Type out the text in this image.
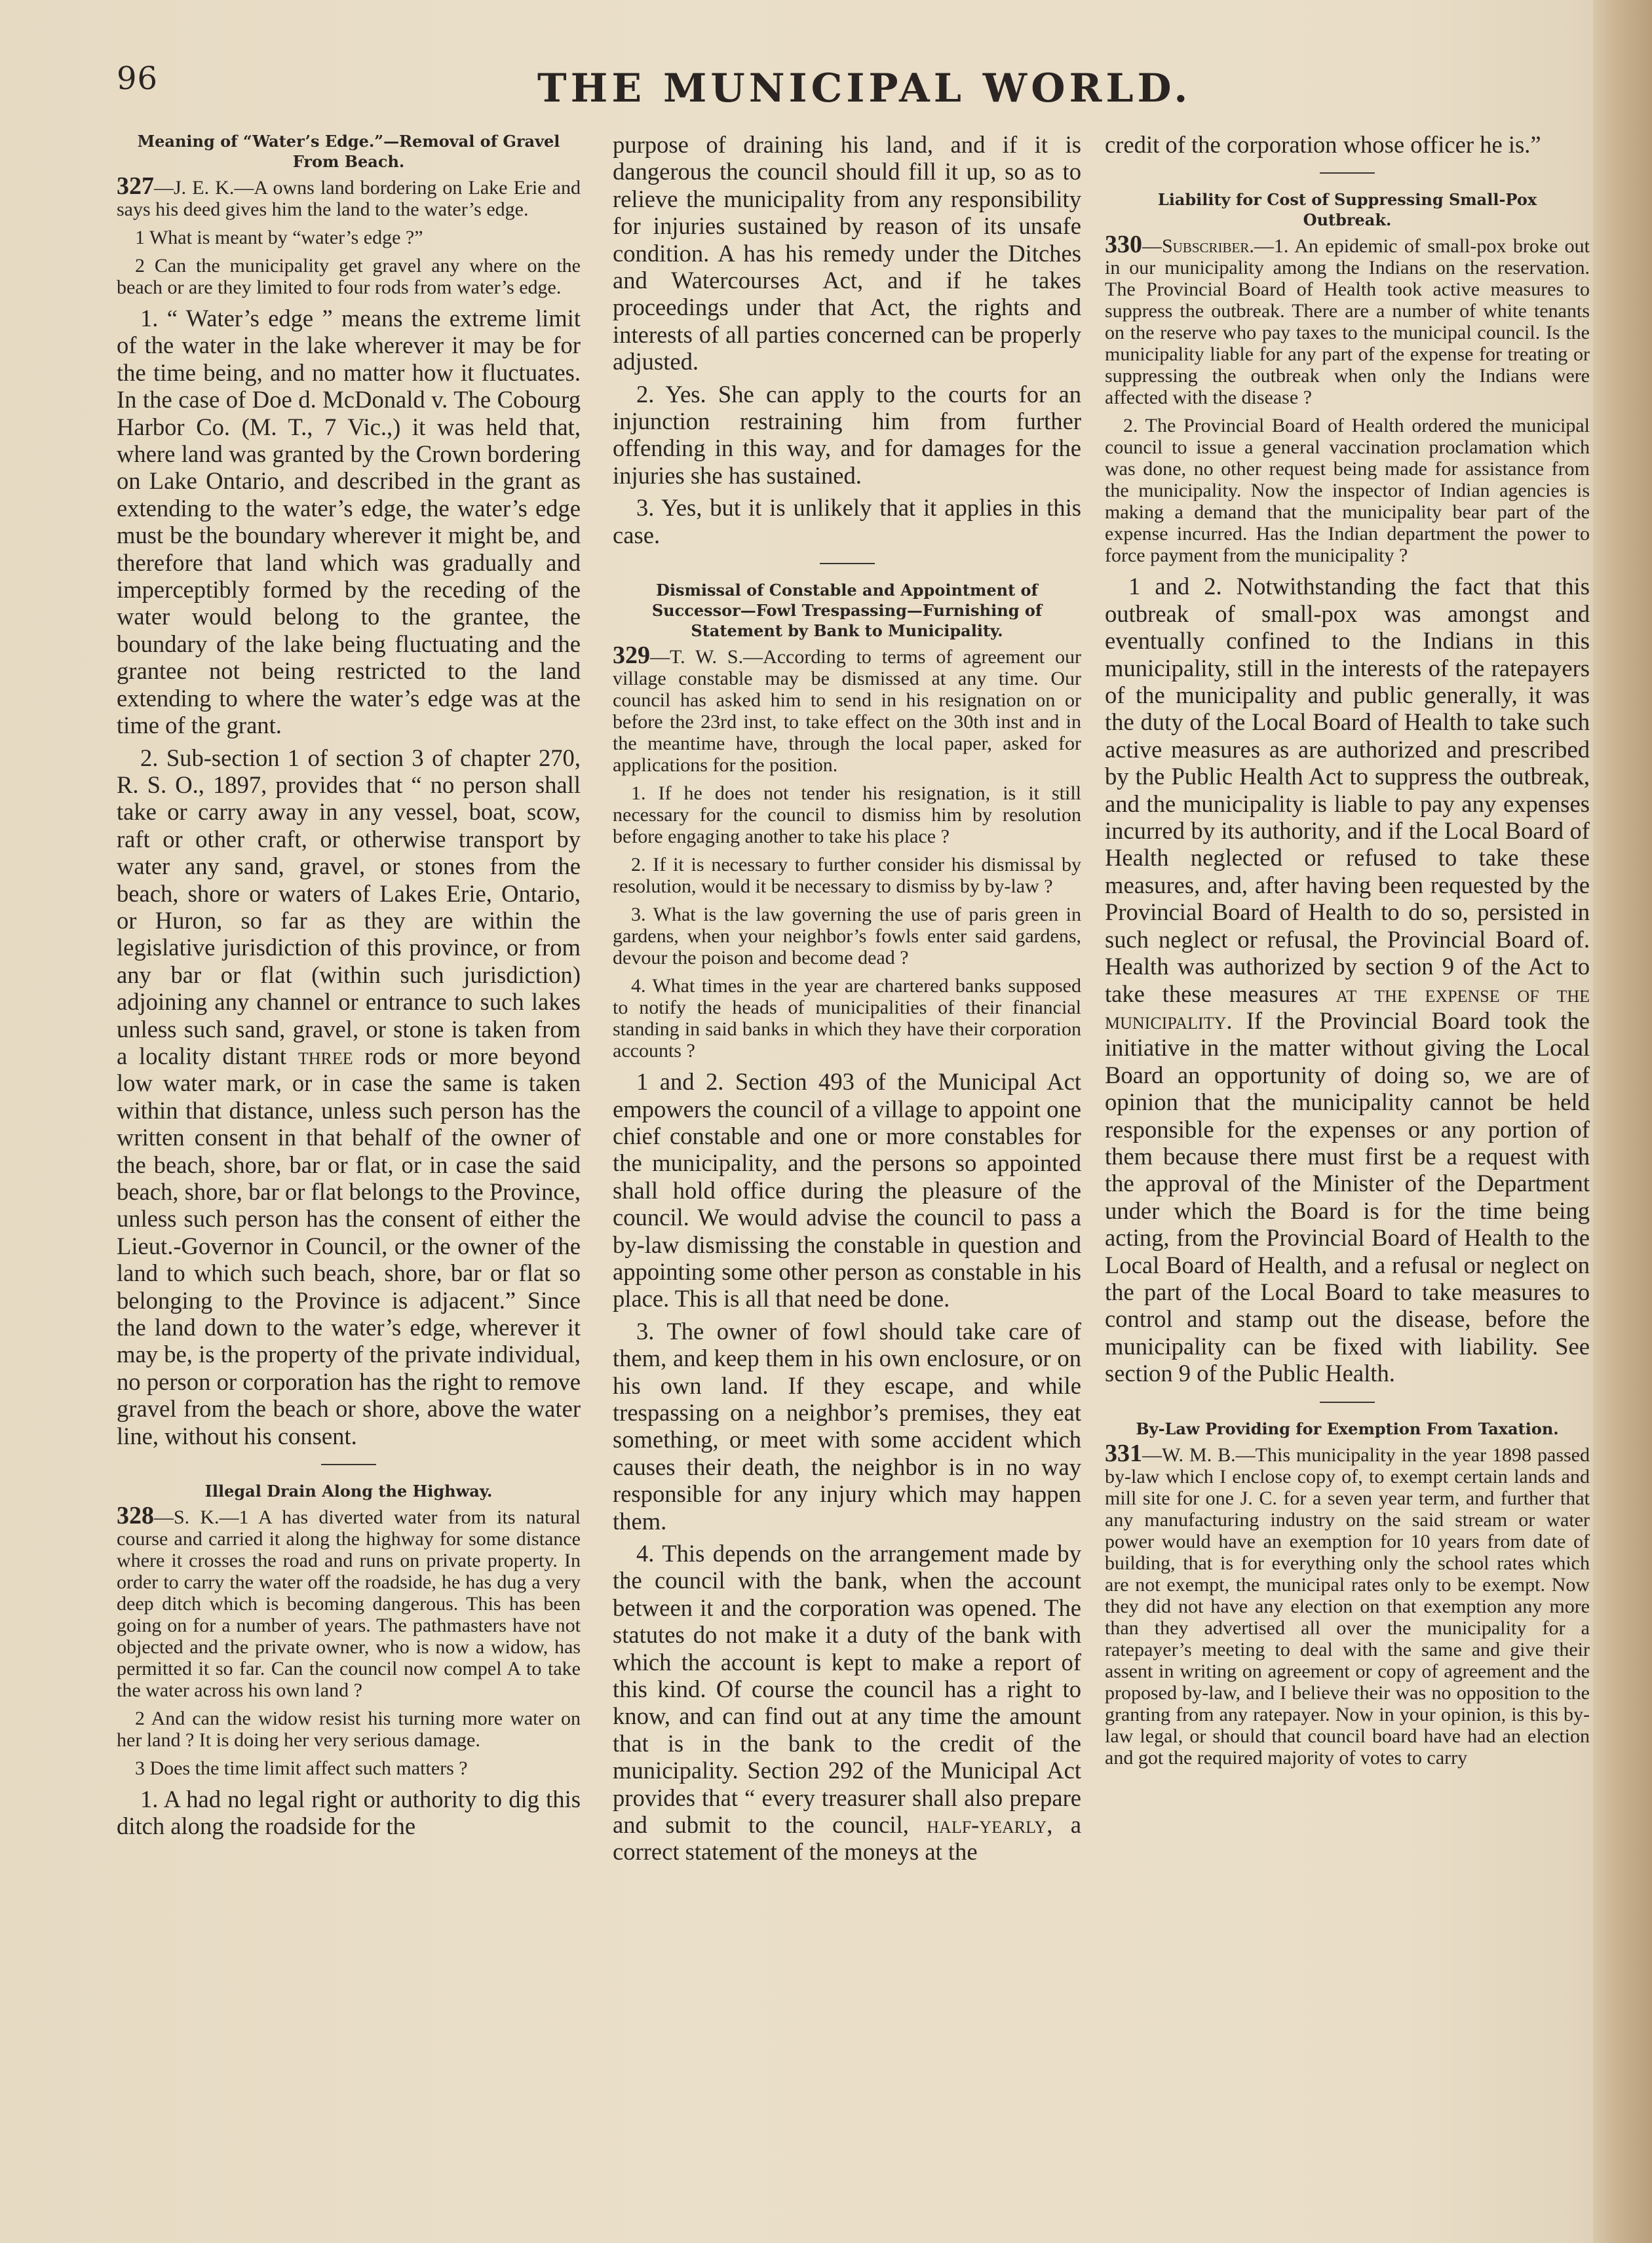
96	THE MUNICIPAL WORLD.
Meaning of “Water’s Edge.”—Removal of Gravel From Beach.

327—J. E. K.—A owns land bordering on Lake Erie and says his deed gives him the land to the water’s edge.

1 What is meant by “water’s edge ?”

2 Can the municipality get gravel any where on the beach or are they limited to four rods from water’s edge.

1. “ Water’s edge ” means the extreme limit of the water in the lake wherever it may be for the time being, and no matter how it fluctuates. In the case of Doe d. McDonald v. The Cobourg Harbor Co. (M. T., 7 Vic.,) it was held that, where land was granted by the Crown bordering on Lake Ontario, and described in the grant as extending to the water’s edge, the water’s edge must be the boundary wherever it might be, and therefore that land which was gradually and imperceptibly formed by the receding of the water would belong to the grantee, the boundary of the lake being fluctuating and the grantee not being restricted to the land extending to where the water’s edge was at the time of the grant.

2. Sub-section 1 of section 3 of chapter 270, R. S. O., 1897, provides that “ no person shall take or carry away in any vessel, boat, scow, raft or other craft, or otherwise transport by water any sand, gravel, or stones from the beach, shore or waters of Lakes Erie, Ontario, or Huron, so far as they are within the legislative jurisdiction of this province, or from any bar or flat (within such jurisdiction) adjoining any channel or entrance to such lakes unless such sand, gravel, or stone is taken from a locality distant three rods or more beyond low water mark, or in case the same is taken within that distance, unless such person has the written consent in that behalf of the owner of the beach, shore, bar or flat, or in case the said beach, shore, bar or flat belongs to the Province, unless such person has the consent of either the Lieut.-Governor in Council, or the owner of the land to which such beach, shore, bar or flat so belonging to the Province is adjacent.” Since the land down to the water’s edge, wherever it may be, is the property of the private individual, no person or corporation has the right to remove gravel from the beach or shore, above the water line, without his consent.

Illegal Drain Along the Highway.

328—S. K.—1 A has diverted water from its natural course and carried it along the highway for some distance where it crosses the road and runs on private property. In order to carry the water off the roadside, he has dug a very deep ditch which is becoming dangerous. This has been going on for a number of years. The pathmasters have not objected and the private owner, who is now a widow, has permitted it so far. Can the council now compel A to take the water across his own land ?

2 And can the widow resist his turning more water on her land ? It is doing her very serious damage.

3 Does the time limit affect such matters ?

1. A had no legal right or authority to dig this ditch along the roadside for the

purpose of draining his land, and if it is dangerous the council should fill it up, so as to relieve the municipality from any responsibility for injuries sustained by reason of its unsafe condition. A has his remedy under the Ditches and Watercourses Act, and if he takes proceedings under that Act, the rights and interests of all parties concerned can be properly adjusted.

2. Yes. She can apply to the courts for an injunction restraining him from further offending in this way, and for damages for the injuries she has sustained.

3. Yes, but it is unlikely that it applies in this case.

Dismissal of Constable and Appointment of Successor—Fowl Trespassing—Furnishing of Statement by Bank to Municipality.

329—T. W. S.—According to terms of agreement our village constable may be dismissed at any time. Our council has asked him to send in his resignation on or before the 23rd inst, to take effect on the 30th inst and in the meantime have, through the local paper, asked for applications for the position.

1. If he does not tender his resignation, is it still necessary for the council to dismiss him by resolution before engaging another to take his place ?

2. If it is necessary to further consider his dismissal by resolution, would it be necessary to dismiss by by-law ?

3. What is the law governing the use of paris green in gardens, when your neighbor’s fowls enter said gardens, devour the poison and become dead ?

4. What times in the year are chartered banks supposed to notify the heads of municipalities of their financial standing in said banks in which they have their corporation accounts ?

1 and 2. Section 493 of the Municipal Act empowers the council of a village to appoint one chief constable and one or more constables for the municipality, and the persons so appointed shall hold office during the pleasure of the council. We would advise the council to pass a by-law dismissing the constable in question and appointing some other person as constable in his place. This is all that need be done.

3. The owner of fowl should take care of them, and keep them in his own enclosure, or on his own land. If they escape, and while trespassing on a neighbor’s premises, they eat something, or meet with some accident which causes their death, the neighbor is in no way responsible for any injury which may happen them.

4. This depends on the arrangement made by the council with the bank, when the account between it and the corporation was opened. The statutes do not make it a duty of the bank with which the account is kept to make a report of this kind. Of course the council has a right to know, and can find out at any time the amount that is in the bank to the credit of the municipality. Section 292 of the Municipal Act provides that “ every treasurer shall also prepare and submit to the council, half-yearly, a correct statement of the moneys at the

credit of the corporation whose officer he is.”

Liability for Cost of Suppressing Small-Pox Outbreak.

330—Subscriber.—1. An epidemic of small-pox broke out in our municipality among the Indians on the reservation. The Provincial Board of Health took active measures to suppress the outbreak. There are a number of white tenants on the reserve who pay taxes to the municipal council. Is the municipality liable for any part of the expense for treating or suppressing the outbreak when only the Indians were affected with the disease ?

2. The Provincial Board of Health ordered the municipal council to issue a general vaccination proclamation which was done, no other request being made for assistance from the municipality. Now the inspector of Indian agencies is making a demand that the municipality bear part of the expense incurred. Has the Indian department the power to force payment from the municipality ?

1 and 2. Notwithstanding the fact that this outbreak of small-pox was amongst and eventually confined to the Indians in this municipality, still in the interests of the ratepayers of the municipality and public generally, it was the duty of the Local Board of Health to take such active measures as are authorized and prescribed by the Public Health Act to suppress the outbreak, and the municipality is liable to pay any expenses incurred by its authority, and if the Local Board of Health neglected or refused to take these measures, and, after having been requested by the Provincial Board of Health to do so, persisted in such neglect or refusal, the Provincial Board of. Health was authorized by section 9 of the Act to take these measures at the expense of the municipality. If the Provincial Board took the initiative in the matter without giving the Local Board an opportunity of doing so, we are of opinion that the municipality cannot be held responsible for the expenses or any portion of them because there must first be a request with the approval of the Minister of the Department under which the Board is for the time being acting, from the Provincial Board of Health to the Local Board of Health, and a refusal or neglect on the part of the Local Board to take measures to control and stamp out the disease, before the municipality can be fixed with liability. See section 9 of the Public Health.

By-Law Providing for Exemption From Taxation.

331—W. M. B.—This municipality in the year 1898 passed by-law which I enclose copy of, to exempt certain lands and mill site for one J. C. for a seven year term, and further that any manufacturing industry on the said stream or water power would have an exemption for 10 years from date of building, that is for everything only the school rates which are not exempt, the municipal rates only to be exempt. Now they did not have any election on that exemption any more than they advertised all over the municipality for a ratepayer’s meeting to deal with the same and give their assent in writing on agreement or copy of agreement and the proposed by-law, and I believe their was no opposition to the granting from any ratepayer. Now in your opinion, is this by-law legal, or should that council board have had an election and got the required majority of votes to carry
